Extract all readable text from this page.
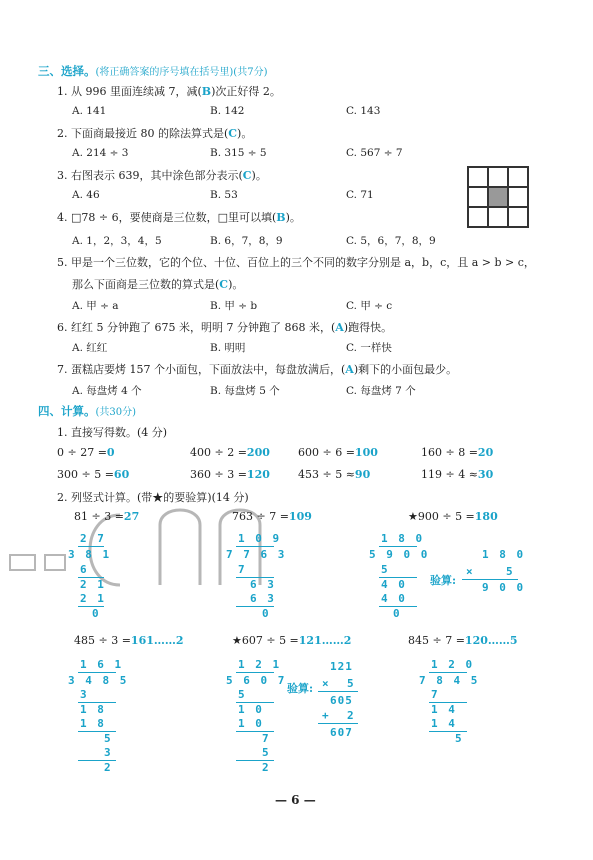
三、选择。(将正确答案的序号填在括号里)(共7分)
1. 从 996 里面连续减 7，减(B)次正好得 2。
A. 141	B. 142	C. 143
2. 下面商最接近 80 的除法算式是(C)。
A. 214 ÷ 3	B. 315 ÷ 5	C. 567 ÷ 7
3. 右图表示 639，其中涂色部分表示(C)。
A. 46	B. 53	C. 71
4. □78 ÷ 6，要使商是三位数，□里可以填(B)。
A. 1，2，3，4，5	B. 6，7，8，9	C. 5，6，7，8，9
5. 甲是一个三位数，它的个位、十位、百位上的三个不同的数字分别是 a，b，c，且 a > b > c，
那么下面商是三位数的算式是(C)。
A. 甲 ÷ a	B. 甲 ÷ b	C. 甲 ÷ c
6. 红红 5 分钟跑了 675 米，明明 7 分钟跑了 868 米，(A)跑得快。
A. 红红	B. 明明	C. 一样快
7. 蛋糕店要烤 157 个小面包，下面放法中，每盘放满后，(A)剩下的小面包最少。
A. 每盘烤 4 个	B. 每盘烤 5 个	C. 每盘烤 7 个
四、计算。(共30分)
1. 直接写得数。(4 分)
0 ÷ 27 =0	400 ÷ 2 =200	600 ÷ 6 =100	160 ÷ 8 =20
300 ÷ 5 =60	360 ÷ 3 =120	453 ÷ 5 ≈90	119 ÷ 4 ≈30
2. 列竖式计算。(带★的要验算)(14 分)
81 ÷ 3 =27	763 ÷ 7 =109	★900 ÷ 5 =180
2 7
3 8 1
6
2 1
2 1
0
1 0 9
7 7 6 3
7
6 3
6 3
0
1 8 0
5 9 0 0
5
4 0
4 0
0
1 8 0
验算:
×	5
9 0 0
485 ÷ 3 =161……2	★607 ÷ 5 =121……2	845 ÷ 7 =120……5
1 6 1
3 4 8 5
3
1 8
1 8
5
3
2
1 2 1
5 6 0 7
5
1 0
1 0
7
5
2
121
验算: × 5
605
+ 2
607
1 2 0
7 8 4 5
7
1 4
1 4
5
— 6 —
